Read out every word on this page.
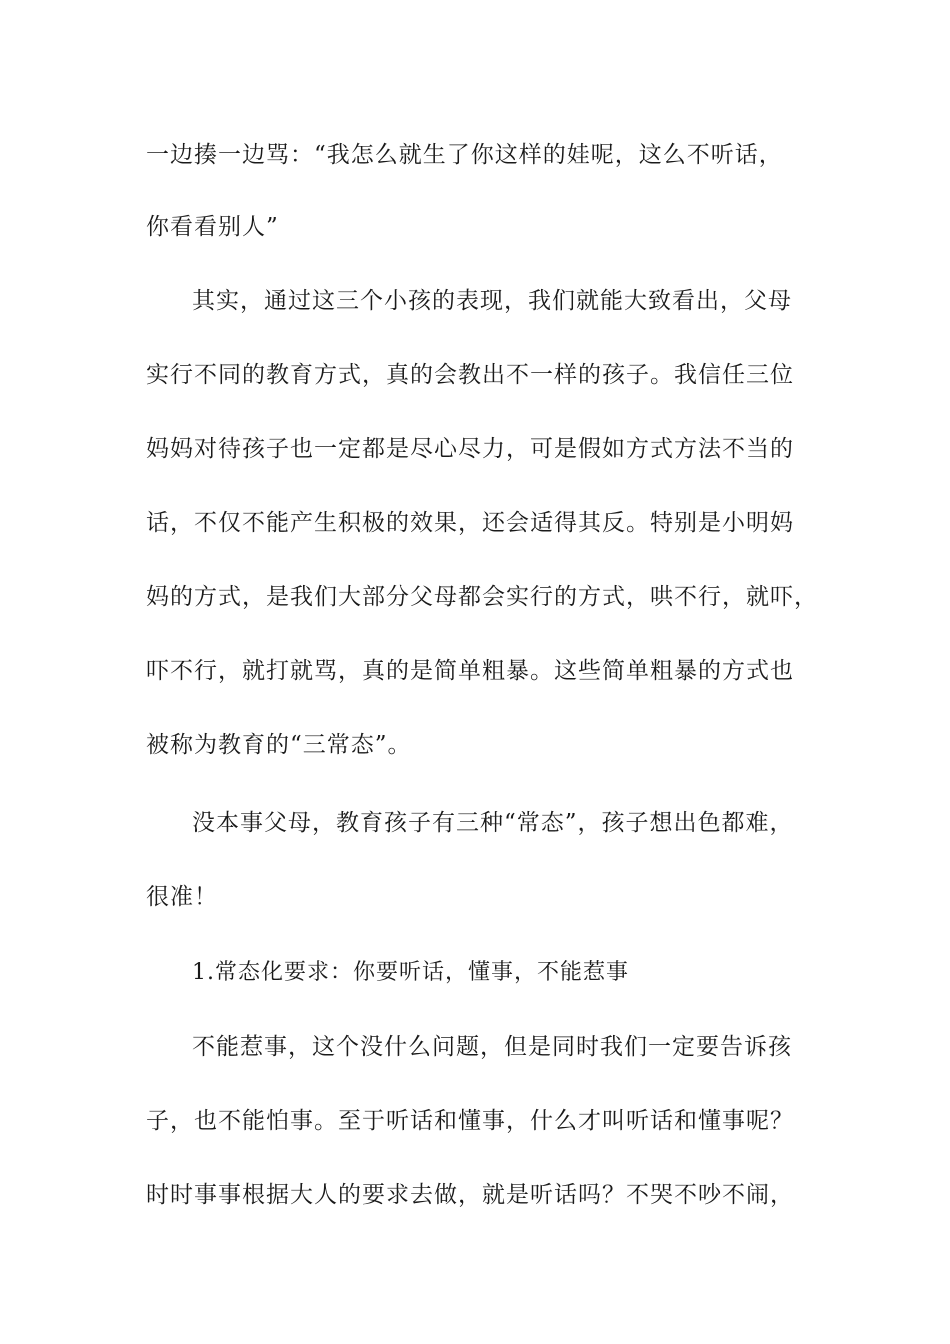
一边揍一边骂：“我怎么就生了你这样的娃呢，这么不听话，
你看看别人”
其实，通过这三个小孩的表现，我们就能大致看出，父母
实行不同的教育方式，真的会教出不一样的孩子。我信任三位
妈妈对待孩子也一定都是尽心尽力，可是假如方式方法不当的
话，不仅不能产生积极的效果，还会适得其反。特别是小明妈
妈的方式，是我们大部分父母都会实行的方式，哄不行，就吓，
吓不行，就打就骂，真的是简单粗暴。这些简单粗暴的方式也
被称为教育的“三常态”。
没本事父母，教育孩子有三种“常态”，孩子想出色都难，
很准！
1.常态化要求：你要听话，懂事，不能惹事
不能惹事，这个没什么问题，但是同时我们一定要告诉孩
子，也不能怕事。至于听话和懂事，什么才叫听话和懂事呢？
时时事事根据大人的要求去做，就是听话吗？不哭不吵不闹，
